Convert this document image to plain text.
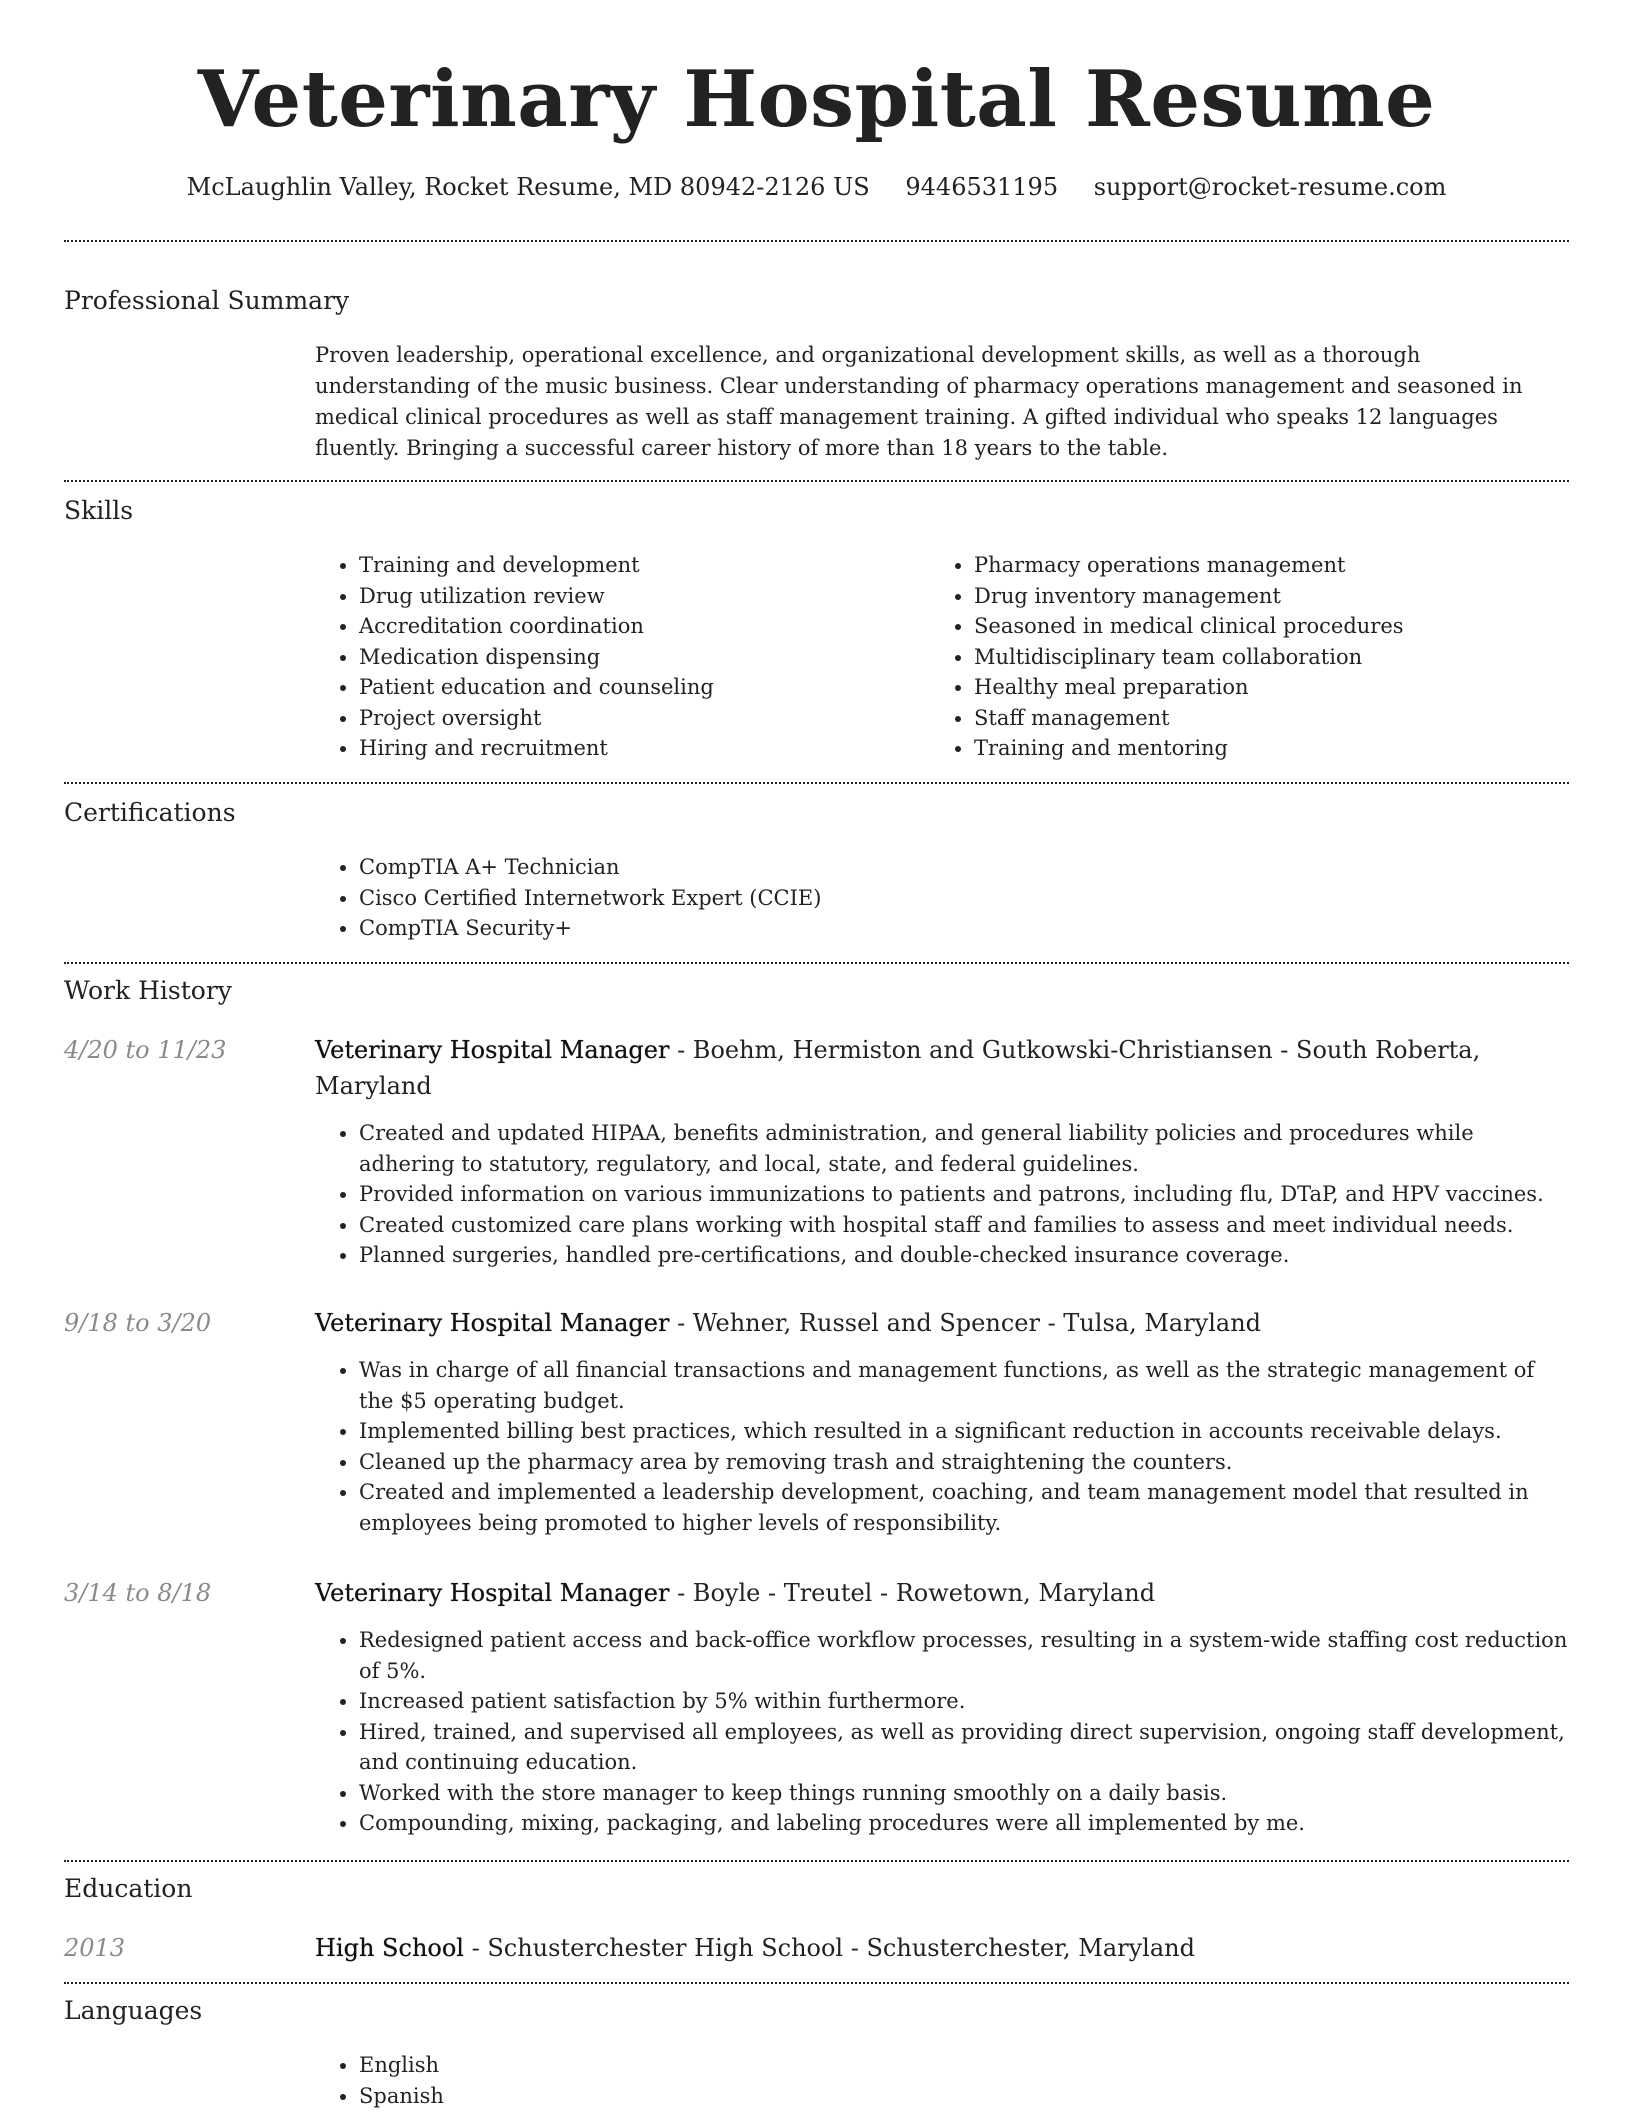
Veterinary Hospital Resume
McLaughlin Valley, Rocket Resume, MD 80942-2126 US 9446531195 support@rocket-resume.com
Professional Summary

Proven leadership, operational excellence, and organizational development skills, as well as a thorough understanding of the music business. Clear understanding of pharmacy operations management and seasoned in medical clinical procedures as well as staff management training. A gifted individual who speaks 12 languages fluently. Bringing a successful career history of more than 18 years to the table.

Skills
• Training and development
• Drug utilization review
• Accreditation coordination
• Medication dispensing
• Patient education and counseling
• Project oversight
• Hiring and recruitment
• Pharmacy operations management
• Drug inventory management
• Seasoned in medical clinical procedures
• Multidisciplinary team collaboration
• Healthy meal preparation
• Staff management
• Training and mentoring
Certifications
• CompTIA A+ Technician
• Cisco Certified Internetwork Expert (CCIE)
• CompTIA Security+
Work History
4/20 to 11/23	Veterinary Hospital Manager - Boehm, Hermiston and Gutkowski-Christiansen - South Roberta, Maryland
• Created and updated HIPAA, benefits administration, and general liability policies and procedures while adhering to statutory, regulatory, and local, state, and federal guidelines.
• Provided information on various immunizations to patients and patrons, including flu, DTaP, and HPV vaccines.
• Created customized care plans working with hospital staff and families to assess and meet individual needs.
• Planned surgeries, handled pre-certifications, and double-checked insurance coverage.
9/18 to 3/20	Veterinary Hospital Manager - Wehner, Russel and Spencer - Tulsa, Maryland
• Was in charge of all financial transactions and management functions, as well as the strategic management of the $5 operating budget.
• Implemented billing best practices, which resulted in a significant reduction in accounts receivable delays.
• Cleaned up the pharmacy area by removing trash and straightening the counters.
• Created and implemented a leadership development, coaching, and team management model that resulted in employees being promoted to higher levels of responsibility.
3/14 to 8/18	Veterinary Hospital Manager - Boyle - Treutel - Rowetown, Maryland
• Redesigned patient access and back-office workflow processes, resulting in a system-wide staffing cost reduction of 5%.
• Increased patient satisfaction by 5% within furthermore.
• Hired, trained, and supervised all employees, as well as providing direct supervision, ongoing staff development, and continuing education.
• Worked with the store manager to keep things running smoothly on a daily basis.
• Compounding, mixing, packaging, and labeling procedures were all implemented by me.
Education
2013	High School - Schusterchester High School - Schusterchester, Maryland
Languages
• English
• Spanish
